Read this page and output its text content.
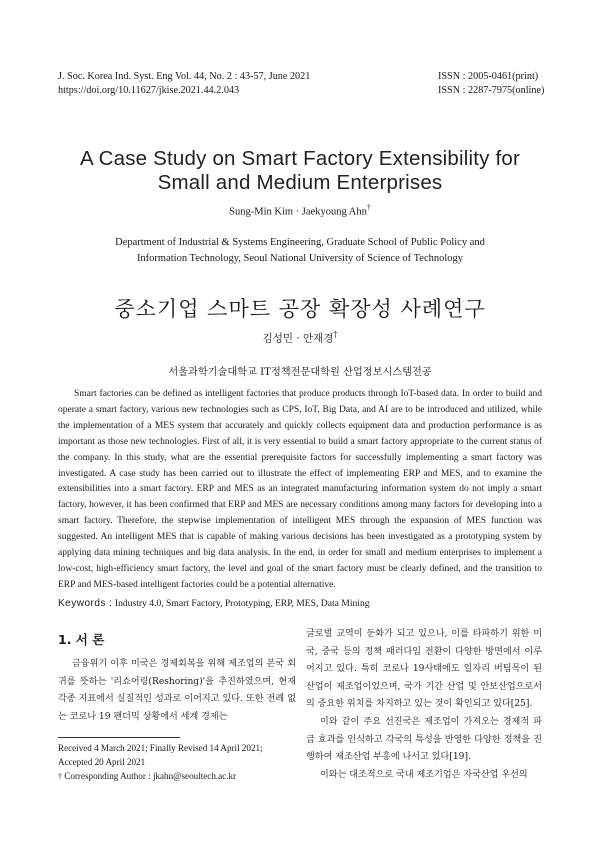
J. Soc. Korea Ind. Syst. Eng Vol. 44, No. 2 : 43-57, June 2021
https://doi.org/10.11627/jkise.2021.44.2.043
ISSN : 2005-0461(print)
ISSN : 2287-7975(online)
A Case Study on Smart Factory Extensibility for
Small and Medium Enterprises
Sung-Min Kim · Jaekyoung Ahn†
Department of Industrial & Systems Engineering, Graduate School of Public Policy and
Information Technology, Seoul National University of Science of Technology
중소기업 스마트 공장 확장성 사례연구
김성민 · 안재경†
서울과학기술대학교 IT정책전문대학원 산업정보시스템전공
Smart factories can be defined as intelligent factories that produce products through IoT-based data. In order to build and operate a smart factory, various new technologies such as CPS, IoT, Big Data, and AI are to be introduced and utilized, while the implementation of a MES system that accurately and quickly collects equipment data and production performance is as important as those new technologies. First of all, it is very essential to build a smart factory appropriate to the current status of the company. In this study, what are the essential prerequisite factors for successfully implementing a smart factory was investigated. A case study has been carried out to illustrate the effect of implementing ERP and MES, and to examine the extensibilities into a smart factory. ERP and MES as an integrated manufacturing information system do not imply a smart factory, however, it has been confirmed that ERP and MES are necessary conditions among many factors for developing into a smart factory. Therefore, the stepwise implementation of intelligent MES through the expansion of MES function was suggested. An intelligent MES that is capable of making various decisions has been investigated as a prototyping system by applying data mining techniques and big data analysis. In the end, in order for small and medium enterprises to implement a low-cost, high-efficiency smart factory, the level and goal of the smart factory must be clearly defined, and the transition to ERP and MES-based intelligent factories could be a potential alternative.
Keywords : Industry 4.0, Smart Factory, Prototyping, ERP, MES, Data Mining
1. 서 론

금융위기 이후 미국은 경제회복을 위해 제조업의 본국 회귀를 뜻하는 '리쇼어링(Reshoring)'을 추진하였으며, 현재 각종 지표에서 실질적인 성과로 이어지고 있다. 또한 전례 없는 코로나 19 팬더믹 상황에서 세계 경제는

Received 4 March 2021; Finally Revised 14 April 2021;
Accepted 20 April 2021
† Corresponding Author : jkahn@seoultech.ac.kr

글로벌 교역이 둔화가 되고 있으나, 이를 타파하기 위한 미국, 중국 등의 정책 패러다임 전환이 다양한 방면에서 이루어지고 있다. 특히 코로나 19사태에도 일자리 버팀목이 된 산업이 제조업이었으며, 국가 기간 산업 및 안보산업으로서의 중요한 위치를 차지하고 있는 것이 확인되고 있다[25].

이와 같이 주요 선진국은 제조업이 가져오는 경제적 파급 효과를 인식하고 각국의 특성을 반영한 다양한 정책을 진행하여 제조산업 부흥에 나서고 있다[19].

이와는 대조적으로 국내 제조기업은 자국산업 우선의
